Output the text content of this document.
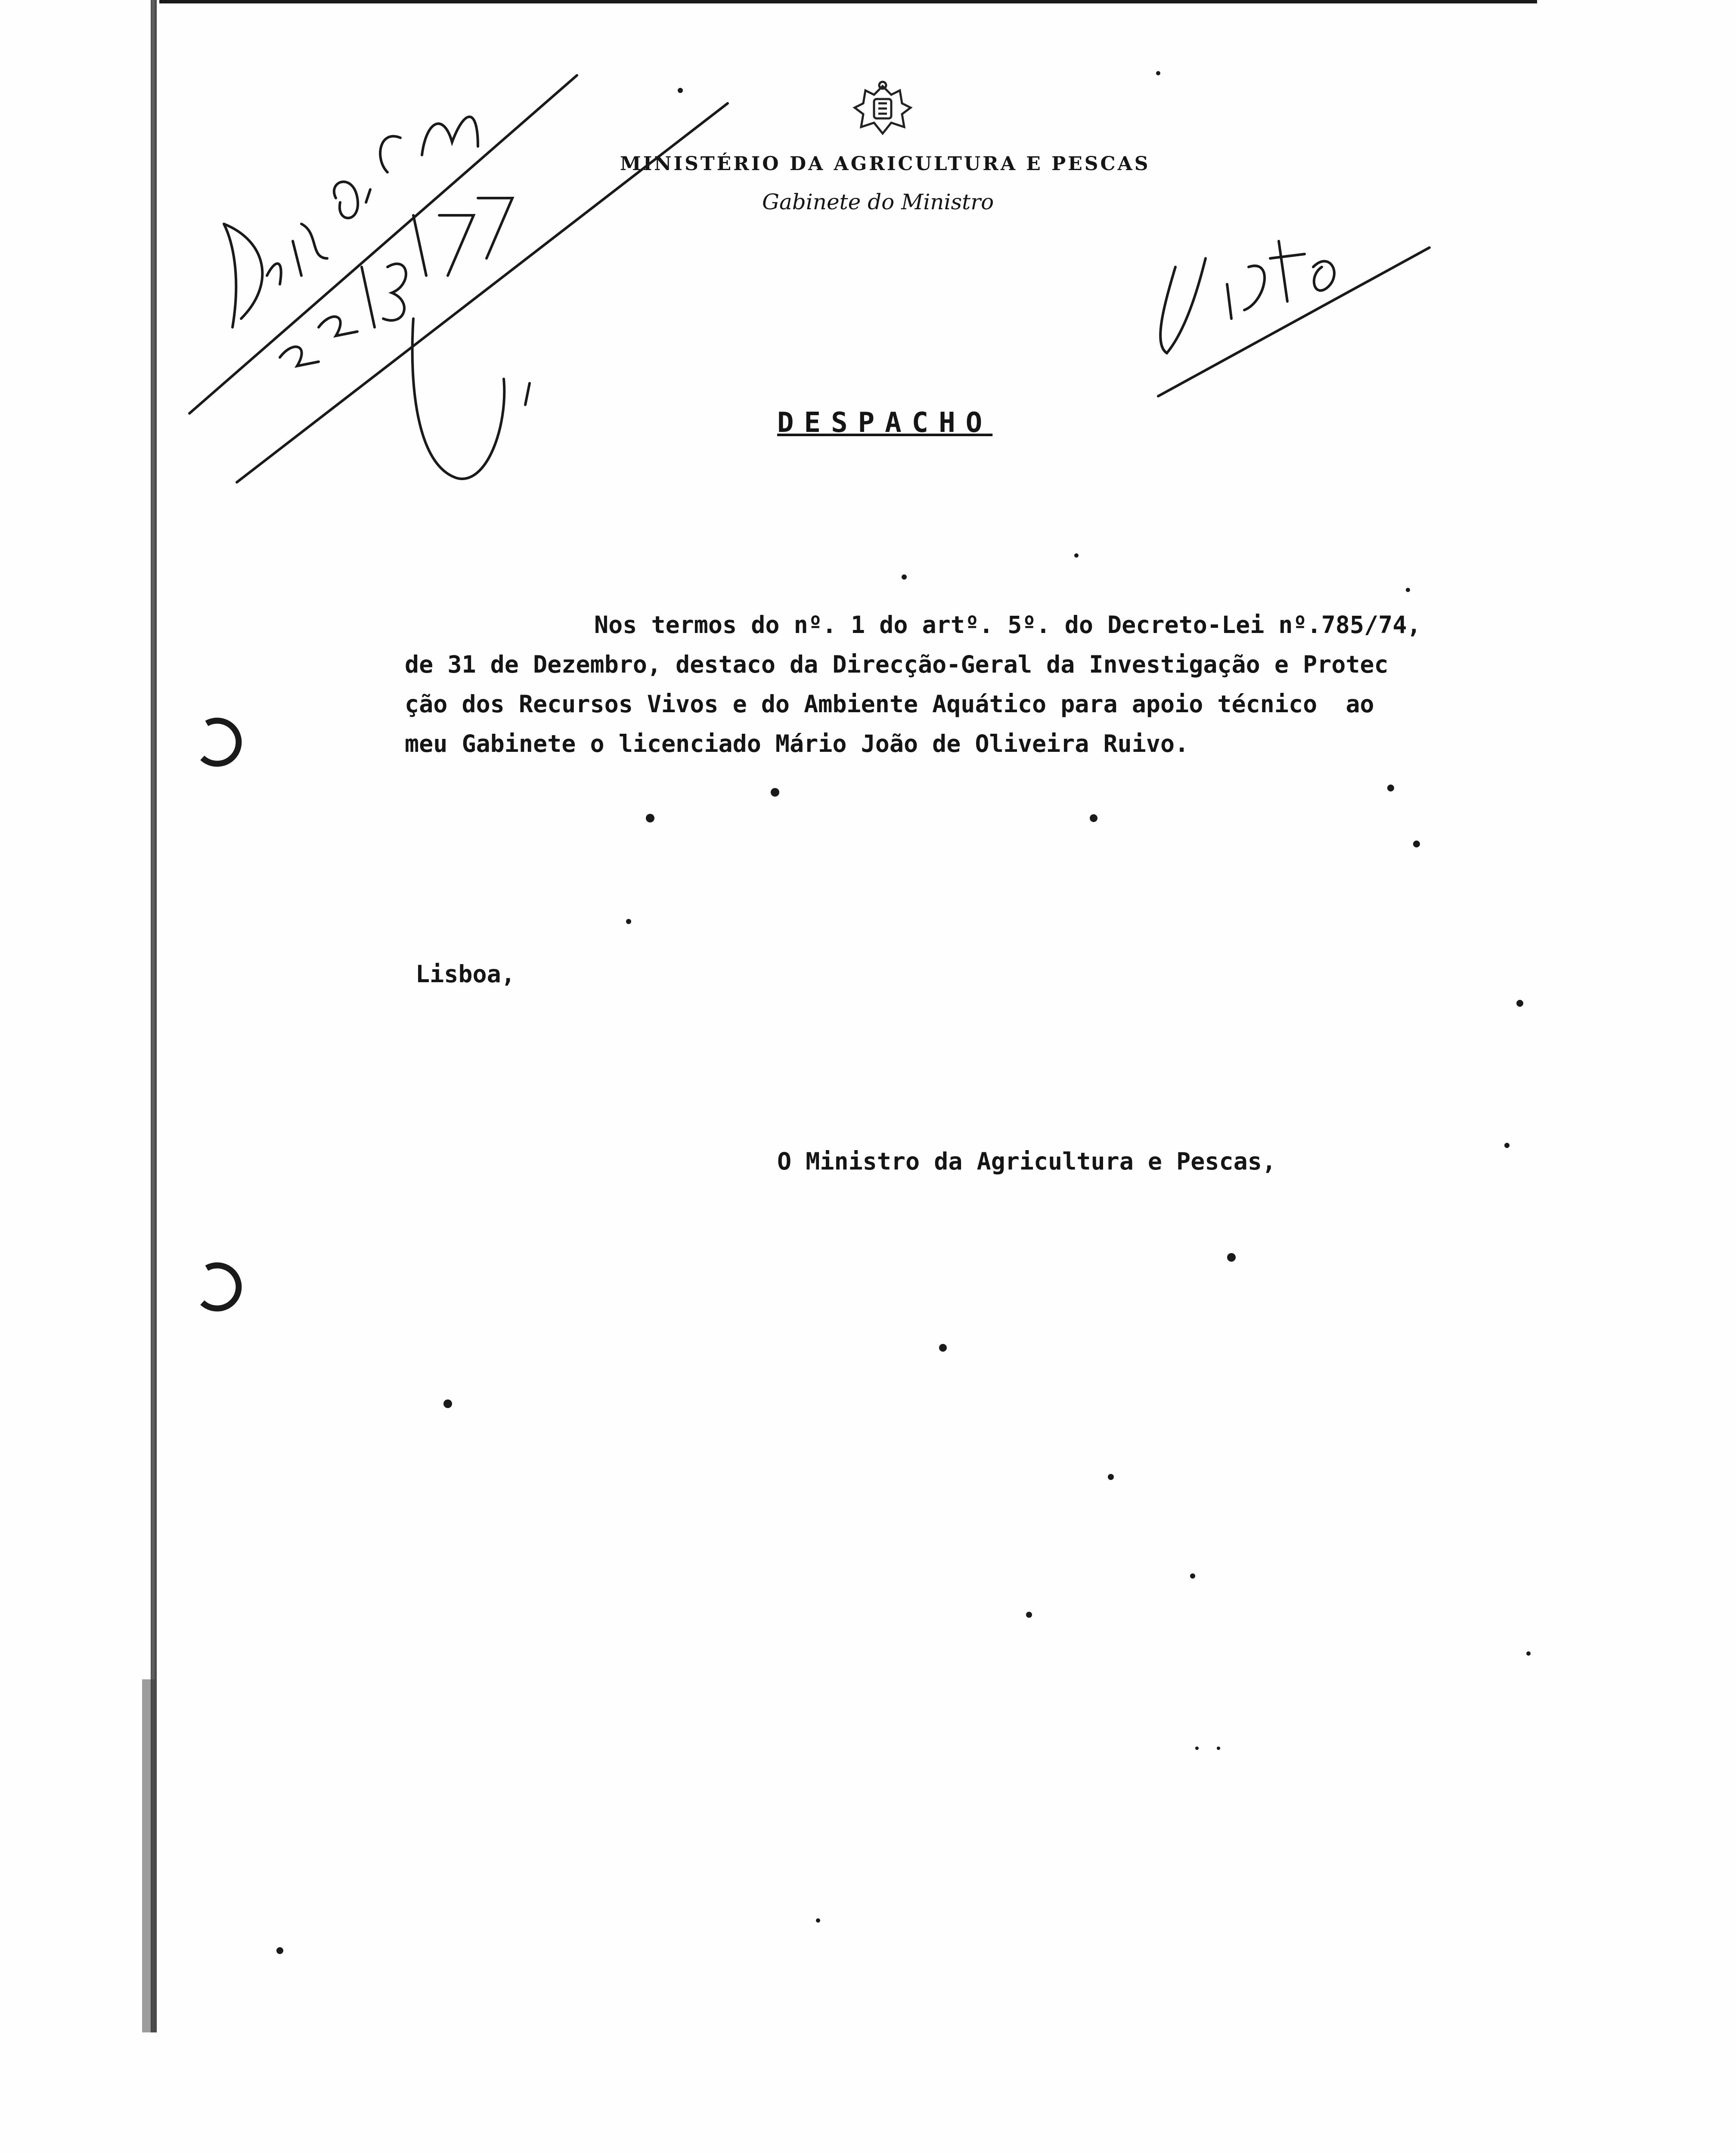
MINISTÉRIO DA AGRICULTURA E PESCAS
Gabinete do Ministro
DESPACHO
Nos termos do nº. 1 do artº. 5º. do Decreto-Lei nº.785/74,
de 31 de Dezembro, destaco da Direcção-Geral da Investigação e Protec
ção dos Recursos Vivos e do Ambiente Aquático para apoio técnico  ao
meu Gabinete o licenciado Mário João de Oliveira Ruivo.
Lisboa,
O Ministro da Agricultura e Pescas,
